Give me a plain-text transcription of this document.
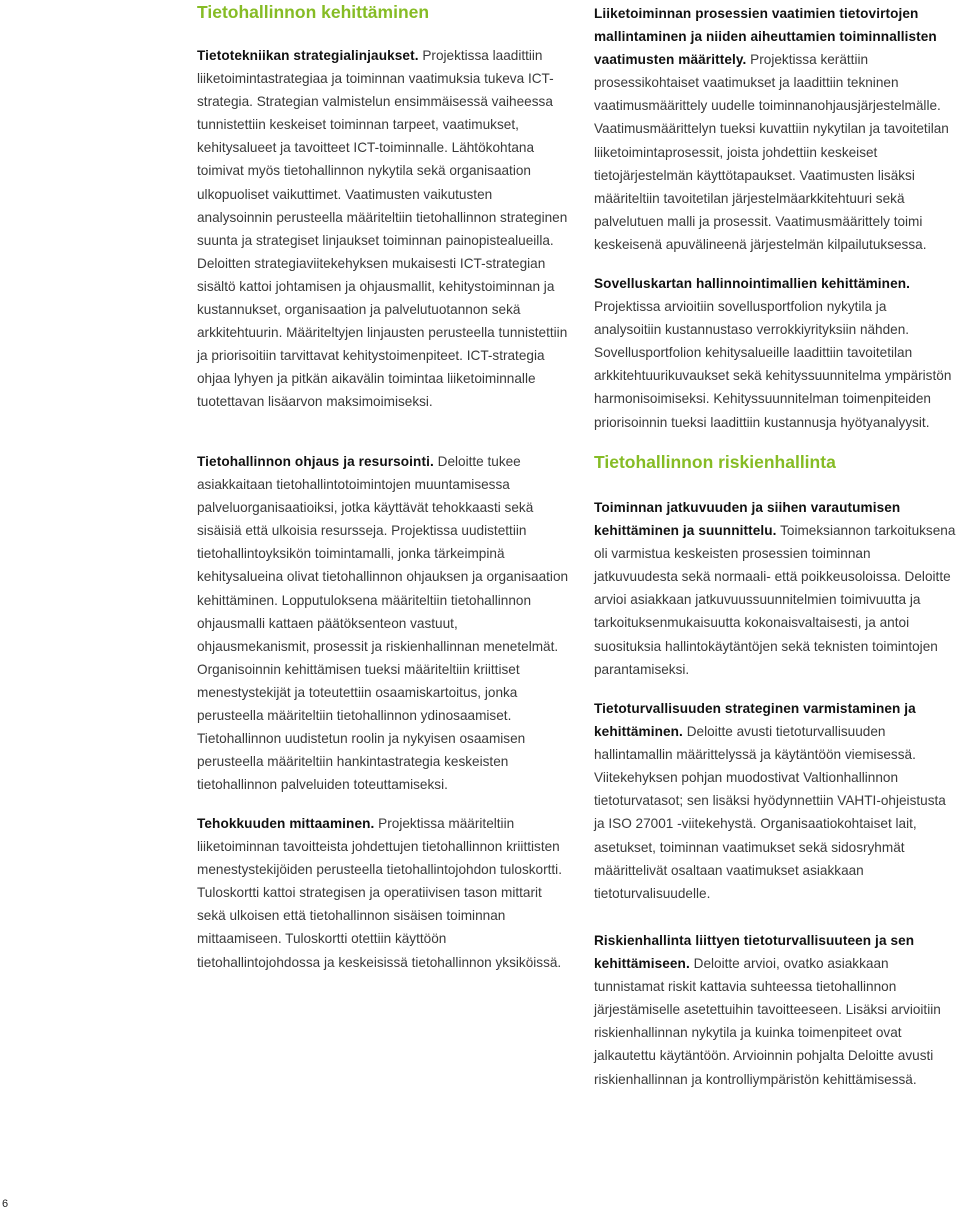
Tietohallinnon kehittäminen

Tietotekniikan strategialinjaukset. Projektissa laadittiin liiketoimintastrategiaa ja toiminnan vaatimuksia tukeva ICT-strategia. Strategian valmistelun ensimmäisessä vaiheessa tunnistettiin keskeiset toiminnan tarpeet, vaatimukset, kehitysalueet ja tavoitteet ICT-toiminnalle. Lähtökohtana toimivat myös tietohallinnon nykytila sekä organisaation ulkopuoliset vaikuttimet. Vaatimusten vaikutusten analysoinnin perusteella määriteltiin tietohallinnon strateginen suunta ja strategiset linjaukset toiminnan painopistealueilla. Deloitten strategiaviitekehyksen mukaisesti ICT-strategian sisältö kattoi johtamisen ja ohjausmallit, kehitystoiminnan ja kustannukset, organisaation ja palvelutuotannon sekä arkkitehtuurin. Määriteltyjen linjausten perusteella tunnistettiin ja priorisoitiin tarvittavat kehitystoimenpiteet. ICT-strategia ohjaa lyhyen ja pitkän aikavälin toimintaa liiketoiminnalle tuotettavan lisäarvon maksimoimiseksi.

Tietohallinnon ohjaus ja resursointi. Deloitte tukee asiakkaitaan tietohallintotoimintojen muuntamisessa palveluorganisaatioiksi, jotka käyttävät tehokkaasti sekä sisäisiä että ulkoisia resursseja. Projektissa uudistettiin tietohallintoyksikön toimintamalli, jonka tärkeimpinä kehitysalueina olivat tietohallinnon ohjauksen ja organisaation kehittäminen. Lopputuloksena määriteltiin tietohallinnon ohjausmalli kattaen päätöksenteon vastuut, ohjausmekanismit, prosessit ja riskienhallinnan menetelmät. Organisoinnin kehittämisen tueksi määriteltiin kriittiset menestystekijät ja toteutettiin osaamiskartoitus, jonka perusteella määriteltiin tietohallinnon ydinosaamiset. Tietohallinnon uudistetun roolin ja nykyisen osaamisen perusteella määriteltiin hankintastrategia keskeisten tietohallinnon palveluiden toteuttamiseksi.

Tehokkuuden mittaaminen. Projektissa määriteltiin liiketoiminnan tavoitteista johdettujen tietohallinnon kriittisten menestystekijöiden perusteella tietohallintojohdon tuloskortti. Tuloskortti kattoi strategisen ja operatiivisen tason mittarit sekä ulkoisen että tietohallinnon sisäisen toiminnan mittaamiseen. Tuloskortti otettiin käyttöön tietohallintojohdossa ja keskeisissä tietohallinnon yksiköissä.

Liiketoiminnan prosessien vaatimien tietovirtojen mallintaminen ja niiden aiheuttamien toiminnallisten vaatimusten määrittely. Projektissa kerättiin prosessikohtaiset vaatimukset ja laadittiin tekninen vaatimusmäärittely uudelle toiminnanohjausjärjestelmälle. Vaatimusmäärittelyn tueksi kuvattiin nykytilan ja tavoitetilan liiketoimintaprosessit, joista johdettiin keskeiset tietojärjestelmän käyttötapaukset. Vaatimusten lisäksi määriteltiin tavoitetilan järjestelmäarkkitehtuuri sekä palvelutuen malli ja prosessit. Vaatimusmäärittely toimi keskeisenä apuvälineenä järjestelmän kilpailutuksessa.

Sovelluskartan hallinnointimallien kehittäminen. Projektissa arvioitiin sovellusportfolion nykytila ja analysoitiin kustannustaso verrokkiyrityksiin nähden. Sovellusportfolion kehitysalueille laadittiin tavoitetilan arkkitehtuurikuvaukset sekä kehityssuunnitelma ympäristön harmonisoimiseksi. Kehityssuunnitelman toimenpiteiden priorisoinnin tueksi laadittiin kustannusja hyötyanalyysit.

Tietohallinnon riskienhallinta

Toiminnan jatkuvuuden ja siihen varautumisen kehittäminen ja suunnittelu. Toimeksiannon tarkoituksena oli varmistua keskeisten prosessien toiminnan jatkuvuudesta sekä normaali- että poikkeusoloissa. Deloitte arvioi asiakkaan jatkuvuussuunnitelmien toimivuutta ja tarkoituksenmukaisuutta kokonaisvaltaisesti, ja antoi suosituksia hallintokäytäntöjen sekä teknisten toimintojen parantamiseksi.

Tietoturvallisuuden strateginen varmistaminen ja kehittäminen. Deloitte avusti tietoturvallisuuden hallintamallin määrittelyssä ja käytäntöön viemisessä. Viitekehyksen pohjan muodostivat Valtionhallinnon tietoturvatasot; sen lisäksi hyödynnettiin VAHTI-ohjeistusta ja ISO 27001 -viitekehystä. Organisaatiokohtaiset lait, asetukset, toiminnan vaatimukset sekä sidosryhmät määrittelivät osaltaan vaatimukset asiakkaan tietoturvalisuudelle.

Riskienhallinta liittyen tietoturvallisuuteen ja sen kehittämiseen. Deloitte arvioi, ovatko asiakkaan tunnistamat riskit kattavia suhteessa tietohallinnon järjestämiselle asetettuihin tavoitteeseen. Lisäksi arvioitiin riskienhallinnan nykytila ja kuinka toimenpiteet ovat jalkautettu käytäntöön. Arvioinnin pohjalta Deloitte avusti riskienhallinnan ja kontrolliympäristön kehittämisessä.

6
